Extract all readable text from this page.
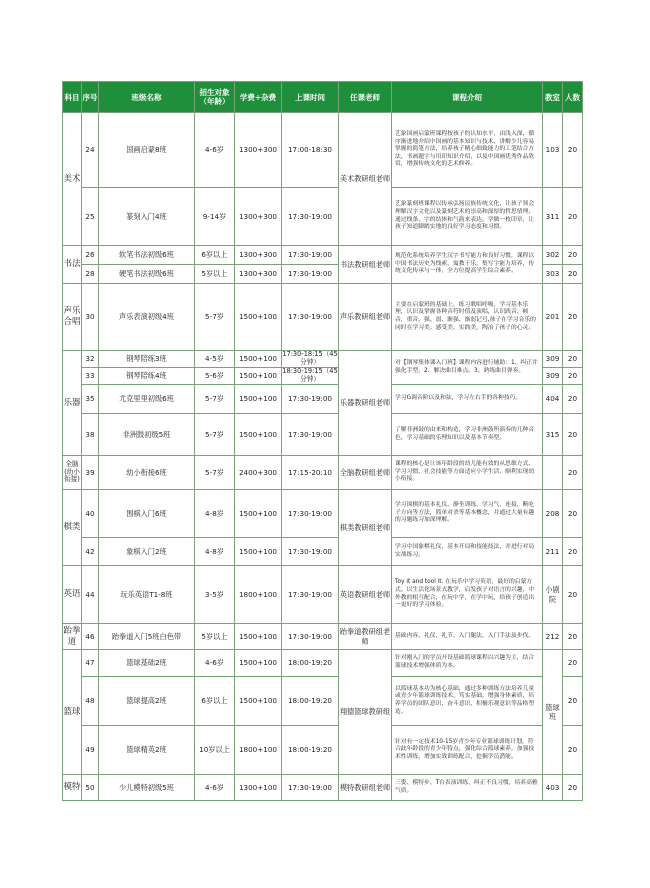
科目	序号	班级名称	招生对象（年龄）	学费+杂费	上课时间	任课老师	课程介绍	教室	人数
美术	24	国画启蒙8班	4-6岁	1300+300	17:00-18:30	美术教研组老师	艺象国画启蒙班课程按孩子的认知水平，由浅入深，循序渐进地介绍中国画的基本知识与技术，讲解少儿容易掌握的简笔方法，培养孩子精心细致能力的工笔结合方法，书画题字与用印知识介绍，以及中国画优秀作品欣赏，增强传统文化的艺术修养。	103	20
	25	篆刻入门4班	9-14岁	1300+300	17:30-19:00		艺象篆刻班课程以传承弘扬民族传统文化，让孩子领会理解汉字文化以及篆刻艺术的崇高和深厚的哲思情理，通过线条、字的结体和气韵来表达。学做一枚印章，让孩子知道脚踏实地的良好学习态度和习惯。	311	20
书法	26	软笔书法初级6班	6岁以上	1300+300	17:30-19:00	书法教研组老师	规范化系统培养学生汉字书写能力和良好习惯，课程以中国书法历史为线索，寓教于乐，集写字能力培养，传统文化传承与一体，全方位提高学生综合素养。	302	20
	28	硬笔书法初级6班	5岁以上	1300+300	17:30-19:00			303	20
声乐合唱	30	声乐表演初级4班	5-7岁	1500+100	17:30-19:00	声乐教研组老师	主要在启蒙班的基础上，练习歌唱呼吸，学习基本乐理，认识及掌握各种音符时值及演唱，认识践音、顿音，重音、强、弱、渐强、渐弱记号,孩子在学习音乐的同时在学习美、感受美，实践美，陶冶了孩子的心灵。	201	20
乐器	32	钢琴陪练3班	4-5岁	1500+100	17:30-18:15（45分钟）	乐器教研组老师	对【钢琴集体课入门班】课程内容进行辅助：1、纠正并强化手型。2、解决曲目难点。3、熟练曲目弹奏。	309	20
	33	钢琴陪练4班	5-6岁	1500+100	18:30-19:15（45分钟）			309	20
	35	尤克里里初级6班	5-7岁	1500+100	17:30-19:00		学习G调音阶以及和弦，学习左右手的各种技巧。	404	20
	38	非洲鼓初级5班	5-7岁	1500+100	17:30-19:00		了解非洲鼓的由来和构造，学习非洲鼓所演奏的几种音色，学习基础的乐理知识以及基本节奏型。	315	20
全脑(幼小衔接)	39	幼小衔接6班	5-7岁	2400+300	17:15-20:10	全脑教研组老师	课程的核心是让该年龄段的幼儿能有效的从思维方式、学习习惯、社会技能等方面适应小学生活，顺利实现幼小衔接。		20
棋类	40	围棋入门6班	4-8岁	1500+100	17:30-19:00	棋类教研组老师	学习围棋的基本礼仪，静坐训练，学习气，连接，断吃子方向等方法，简单对杀等基本概念，并通过大量有趣的习题练习加深理解。	208	20
	42	象棋入门2班	4-8岁	1500+100	17:30-19:00		学习中国象棋礼仪，基本开局和技能技法，并进行对局实战练习。	211	20
英语	44	玩乐英语T1-8班	3-5岁	1800+100	17:30-19:00	英语教研组老师	Toy it and tool it. 在玩乐中学习英语，最好的启蒙方式。以生活化场景式教学，启发孩子对语言的兴趣，中外教的相互配合，在玩中学，在学中玩，给孩子创造出一更好的学习体验。	小剧院	20
跆拳道	46	跆拳道入门5班白色带	5岁以上	1500+100	17:30-19:00	跆拳道教研组老师	基础内容，礼仪，礼节，入门腿法，入门手法及步伐。	212	20
篮球	47	篮球基础2班	4-6岁	1500+100	18:00-19:20	翔德篮球教研组	针对刚入门的学员开设基础篮球课程以兴趣为主，结合篮球技术增强体质为本。	篮球班	20
	48	篮球提高2班	6岁以上	1500+100	18:00-19:20		以篮球基本功为核心基础，通过多种训练方法培养儿童或青少年篮球训练技术，笃实基础，增强身体素质，培养学员的团队意识，奋斗意识，积极乐观意识等品格塑造。		20
	49	篮球精英2班	10岁以上	1800+100	18:00-19:20		针对有一定技术10-15岁青少年专业篮球训练计划，符合此年龄段的青少年特点，强化综合篮球素养，加强技术性训练，增加实战训练配合，挖掘学员潜能。		20
模特	50	少儿模特初级5班	4-6岁	1300+100	17:30-19:00	模特教研组老师	三姿、模特步、T台表演训练，纠正不良习惯，培养高雅气质。	403	20
